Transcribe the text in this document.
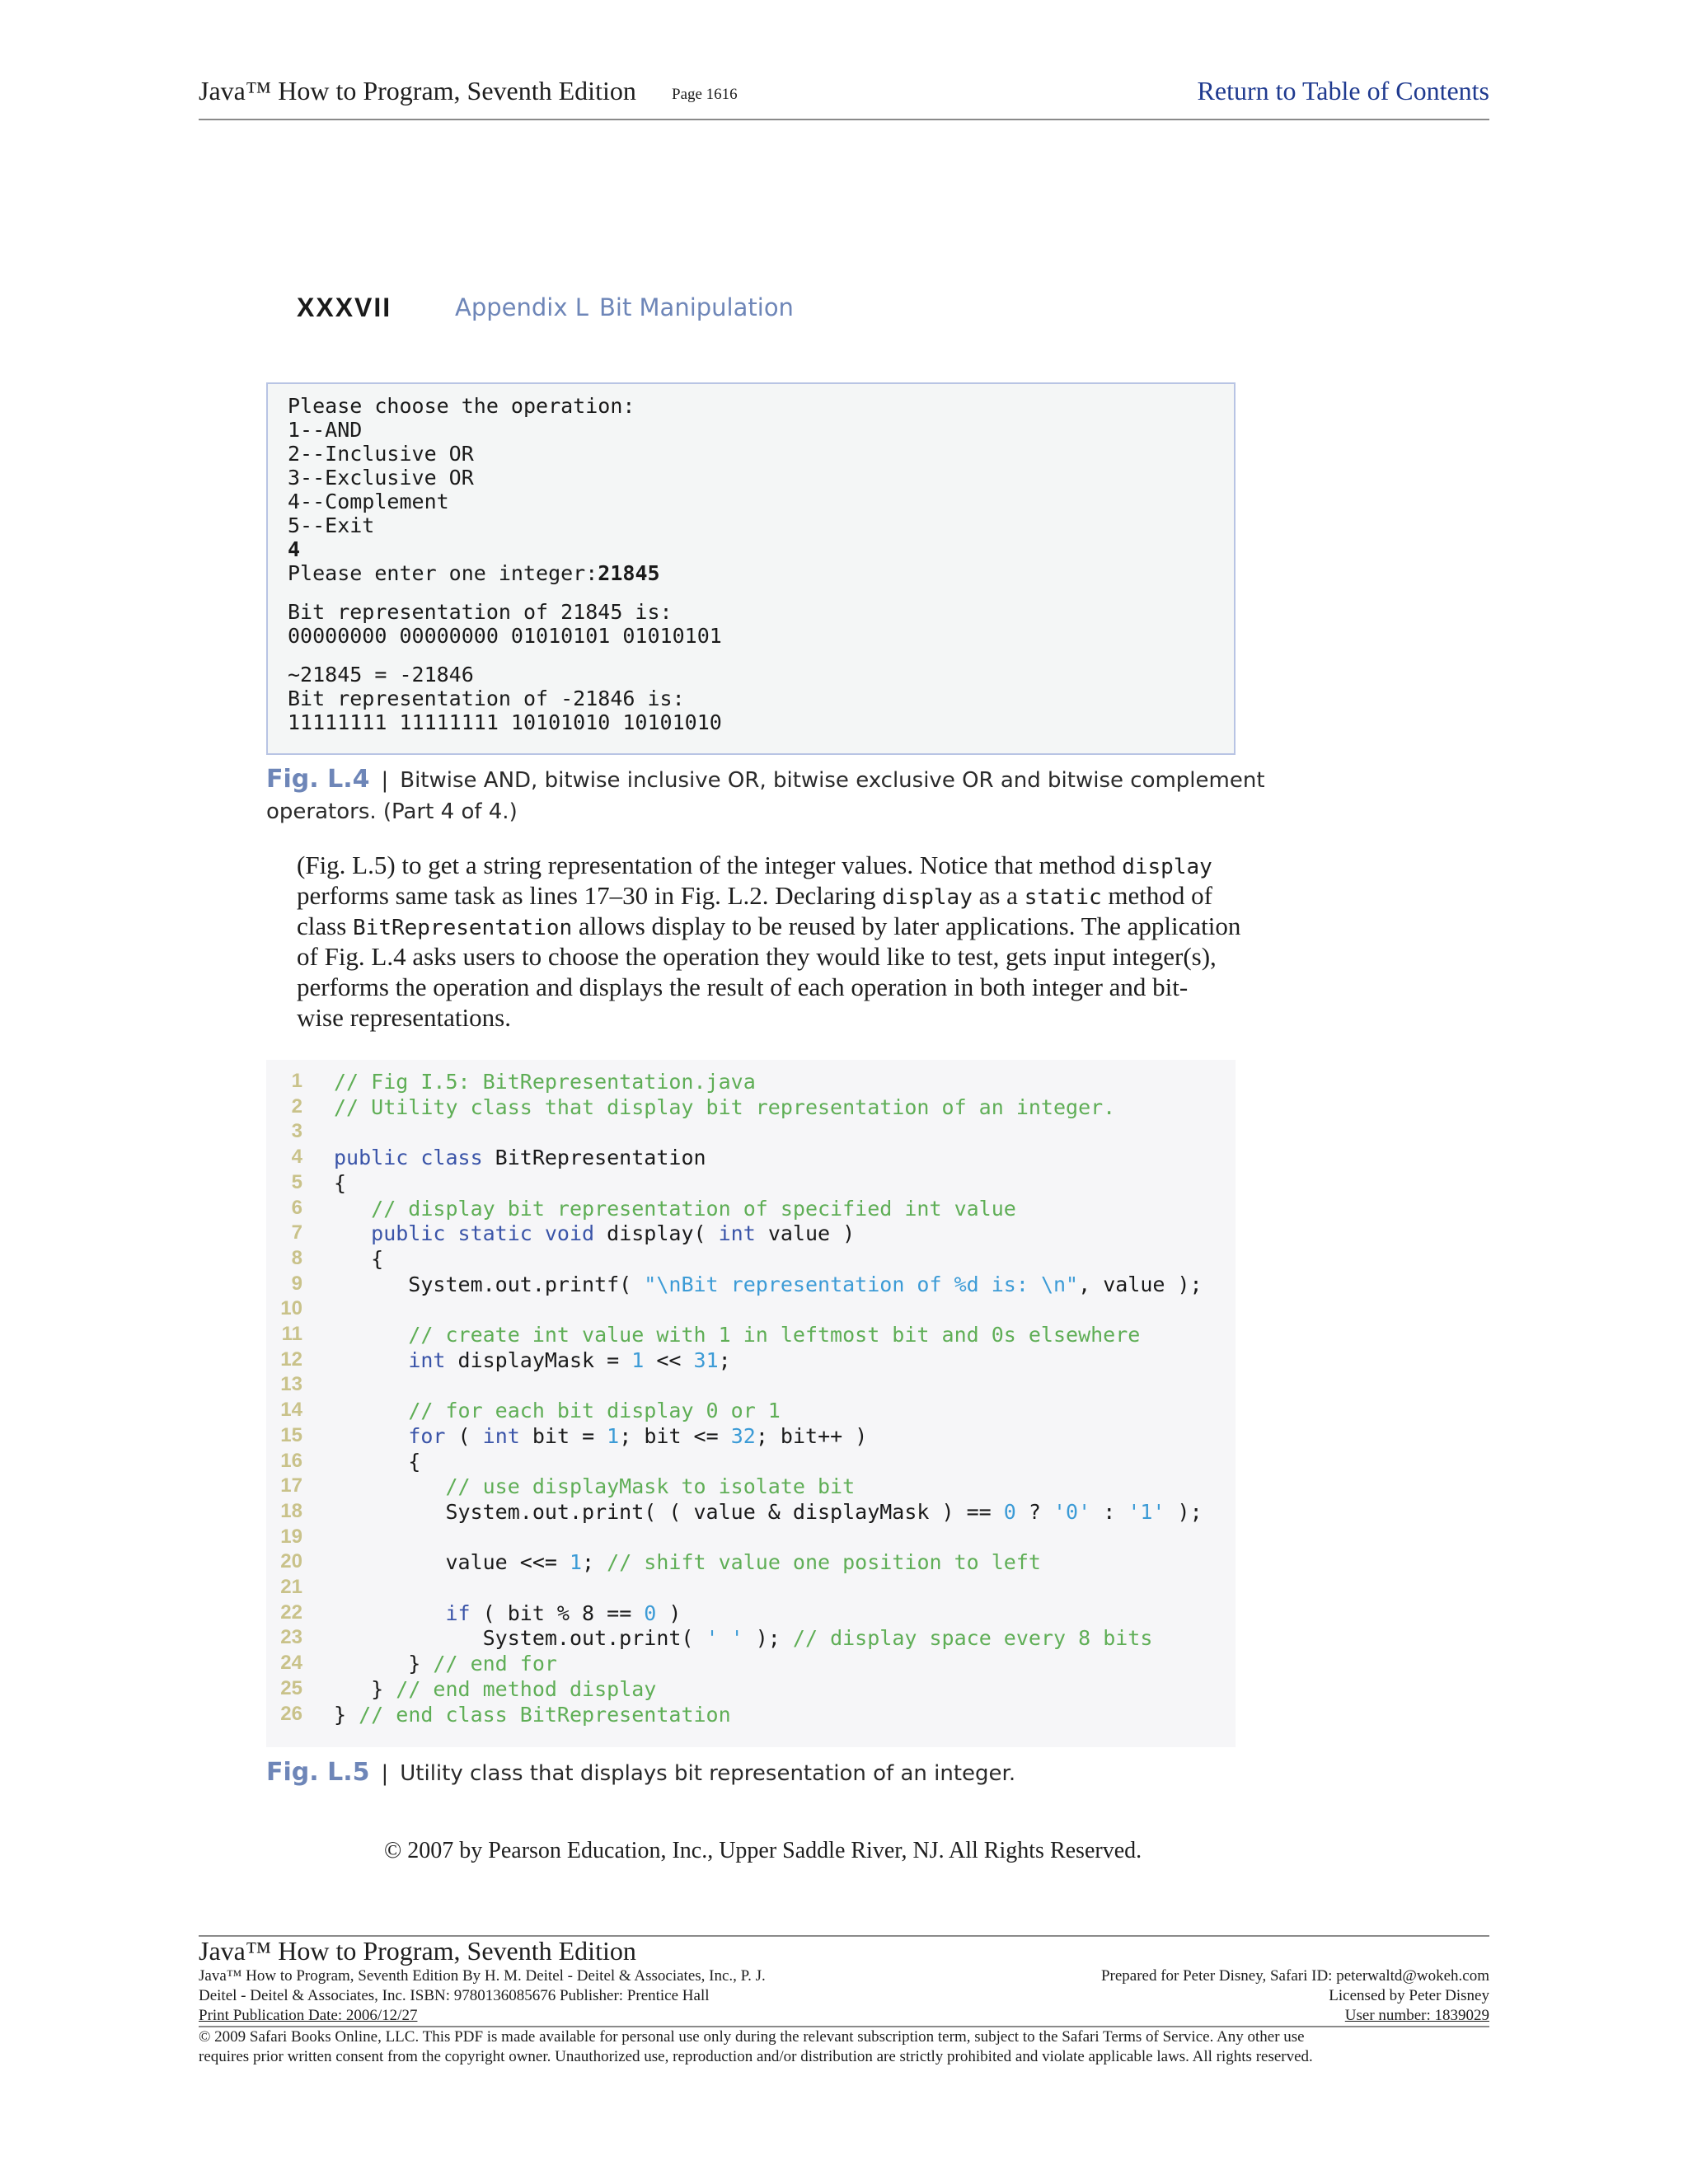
Java™ How to Program, Seventh Edition Page 1616	Return to Table of Contents
XXXVII	Appendix L Bit Manipulation
Please choose the operation:
1--AND
2--Inclusive OR
3--Exclusive OR
4--Complement
5--Exit
4
Please enter one integer:21845
Bit representation of 21845 is:
00000000 00000000 01010101 01010101
~21845 = -21846
Bit representation of -21846 is:
11111111 11111111 10101010 10101010
Fig. L.4 | Bitwise AND, bitwise inclusive OR, bitwise exclusive OR and bitwise complement
operators. (Part 4 of 4.)
(Fig. L.5) to get a string representation of the integer values. Notice that method display
performs same task as lines 17–30 in Fig. L.2. Declaring display as a static method of
class BitRepresentation allows display to be reused by later applications. The application
of Fig. L.4 asks users to choose the operation they would like to test, gets input integer(s),
performs the operation and displays the result of each operation in both integer and bit-
wise representations.
1 // Fig I.5: BitRepresentation.java
2 // Utility class that display bit representation of an integer.
3
4 public class BitRepresentation
5 {
6	// display bit representation of specified int value
7	public static void display( int value )
8 {
9 System.out.printf( "\nBit representation of %d is: \n", value );
10
11	// create int value with 1 in leftmost bit and 0s elsewhere
12	int displayMask = 1 << 31;
13
14	// for each bit display 0 or 1
15	for ( int bit = 1; bit <= 32; bit++ )
16 {
17	// use displayMask to isolate bit
18 System.out.print( ( value & displayMask ) == 0 ? '0' : '1' );
19
20 value <<= 1; // shift value one position to left
21
22	if ( bit % 8 == 0 )
23 System.out.print( ' ' ); // display space every 8 bits
24 } // end for
25 } // end method display
26 } // end class BitRepresentation
Fig. L.5 | Utility class that displays bit representation of an integer.
© 2007 by Pearson Education, Inc., Upper Saddle River, NJ. All Rights Reserved.
Java™ How to Program, Seventh Edition
Java™ How to Program, Seventh Edition By H. M. Deitel - Deitel & Associates, Inc., P. J.
Deitel - Deitel & Associates, Inc. ISBN: 9780136085676 Publisher: Prentice Hall
Print Publication Date: 2006/12/27
Prepared for Peter Disney, Safari ID: peterwaltd@wokeh.com
Licensed by Peter Disney
User number: 1839029
© 2009 Safari Books Online, LLC. This PDF is made available for personal use only during the relevant subscription term, subject to the Safari Terms of Service. Any other use
requires prior written consent from the copyright owner. Unauthorized use, reproduction and/or distribution are strictly prohibited and violate applicable laws. All rights reserved.
